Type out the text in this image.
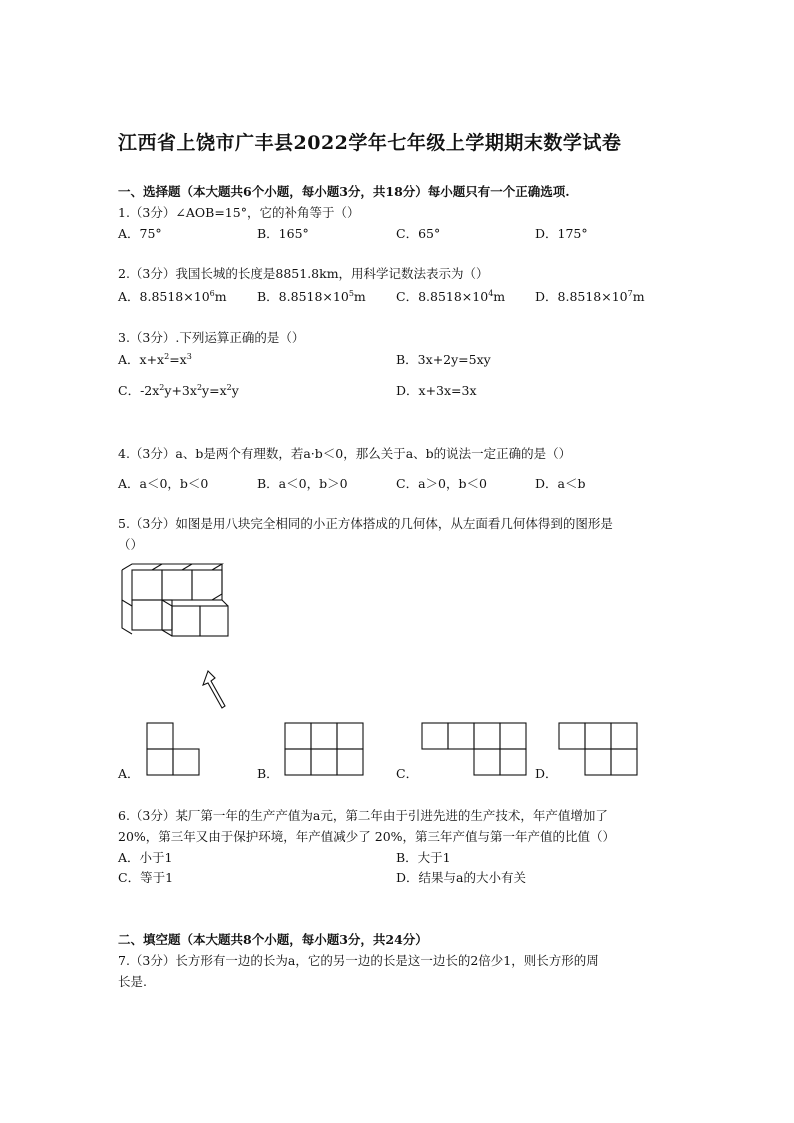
江西省上饶市广丰县2022学年七年级上学期期末数学试卷
一、选择题（本大题共6个小题，每小题3分，共18分）每小题只有一个正确选项.
1.（3分）∠AOB=15°，它的补角等于（）
A．75°	B．165°	C．65°	D．175°
2.（3分）我国长城的长度是8851.8km，用科学记数法表示为（）
A．$8.8518\times 10^6m$ B．$8.8518\times 10^5m$ C．$8.8518\times 10^4m$ D．$8.8518\times 10^7m$
3.（3分）.下列运算正确的是（）
A．$x+x^2=x^3$	B．3x+2y=5xy
C．$-2x^2y+3x^2y=x^2y$	D．x+3x=3x
4.（3分）a、b是两个有理数，若a·b＜0，那么关于a、b的说法一定正确的是（）
A．a＜0，b＜0	B．a＜0，b＞0	C．a＞0，b＜0	D．a＜b
5.（3分）如图是用八块完全相同的小正方体搭成的几何体，从左面看几何体得到的图形是
（）
A．	B．	C．	D．
6.（3分）某厂第一年的生产产值为a元，第二年由于引进先进的生产技术，年产值增加了
20%，第三年又由于保护环境，年产值减少了 20%，第三年产值与第一年产值的比值（）
A．小于1	B．大于1
C．等于1	D．结果与a的大小有关
二、填空题（本大题共8个小题，每小题3分，共24分）
7.（3分）长方形有一边的长为a，它的另一边的长是这一边长的2倍少1，则长方形的周
长是.
